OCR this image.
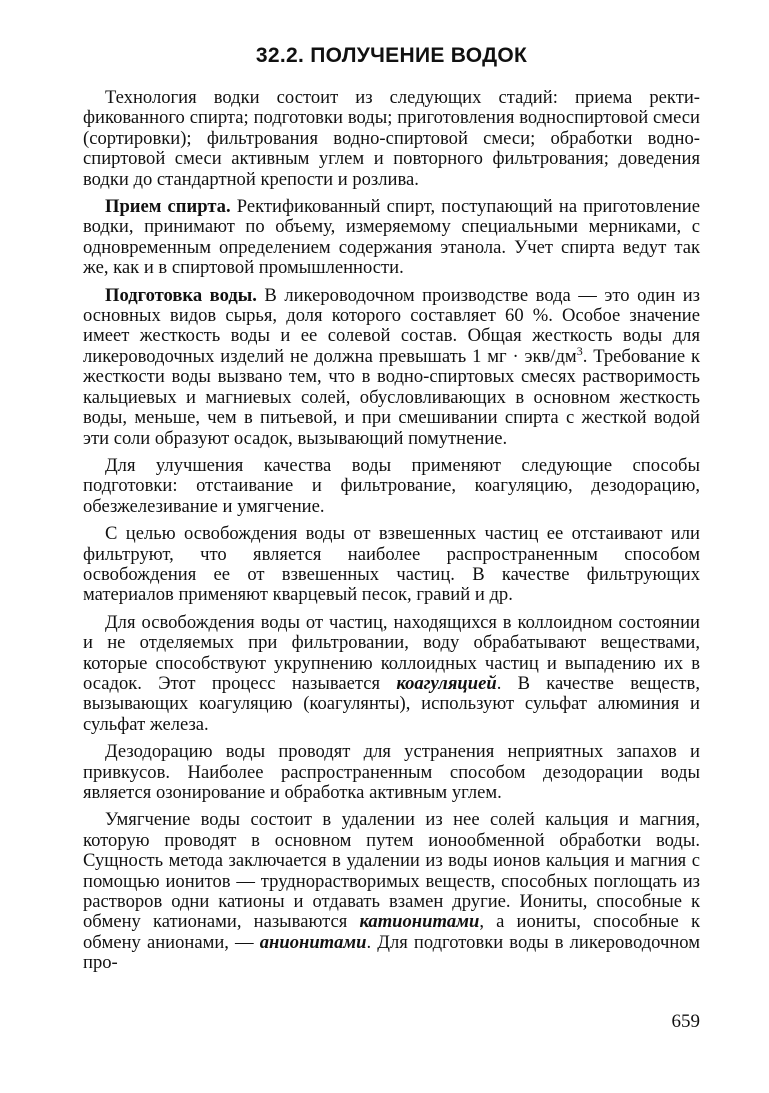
32.2. ПОЛУЧЕНИЕ ВОДОК

Технология водки состоит из следующих стадий: приема ректификованного спирта; подготовки воды; приготовления водноспиртовой смеси (сортировки); фильтрования водно-спиртовой смеси; обработки водно-спиртовой смеси активным углем и повторного фильтрования; доведения водки до стандартной крепости и розлива.

Прием спирта. Ректификованный спирт, поступающий на приготовление водки, принимают по объему, измеряемому специальными мерниками, с одновременным определением содержания этанола. Учет спирта ведут так же, как и в спиртовой промышленности.

Подготовка воды. В ликероводочном производстве вода — это один из основных видов сырья, доля которого составляет 60 %. Особое значение имеет жесткость воды и ее солевой состав. Общая жесткость воды для ликероводочных изделий не должна превышать 1 мг · экв/$дм^3$. Требование к жесткости воды вызвано тем, что в водно-спиртовых смесях растворимость кальциевых и магниевых солей, обусловливающих в основном жесткость воды, меньше, чем в питьевой, и при смешивании спирта с жесткой водой эти соли образуют осадок, вызывающий помутнение.

Для улучшения качества воды применяют следующие способы подготовки: отстаивание и фильтрование, коагуляцию, дезодорацию, обезжелезивание и умягчение.

С целью освобождения воды от взвешенных частиц ее отстаивают или фильтруют, что является наиболее распространенным способом освобождения ее от взвешенных частиц. В качестве фильтрующих материалов применяют кварцевый песок, гравий и др.

Для освобождения воды от частиц, находящихся в коллоидном состоянии и не отделяемых при фильтровании, воду обрабатывают веществами, которые способствуют укрупнению коллоидных частиц и выпадению их в осадок. Этот процесс называется коагуляцией. В качестве веществ, вызывающих коагуляцию (коагулянты), используют сульфат алюминия и сульфат железа.

Дезодорацию воды проводят для устранения неприятных запахов и привкусов. Наиболее распространенным способом дезодорации воды является озонирование и обработка активным углем.

Умягчение воды состоит в удалении из нее солей кальция и магния, которую проводят в основном путем ионообменной обработки воды. Сущность метода заключается в удалении из воды ионов кальция и магния с помощью ионитов — труднорастворимых веществ, способных поглощать из растворов одни катионы и отдавать взамен другие. Иониты, способные к обмену катионами, называются катионитами, а иониты, способные к обмену анионами, — анионитами. Для подготовки воды в ликероводочном про-

659
